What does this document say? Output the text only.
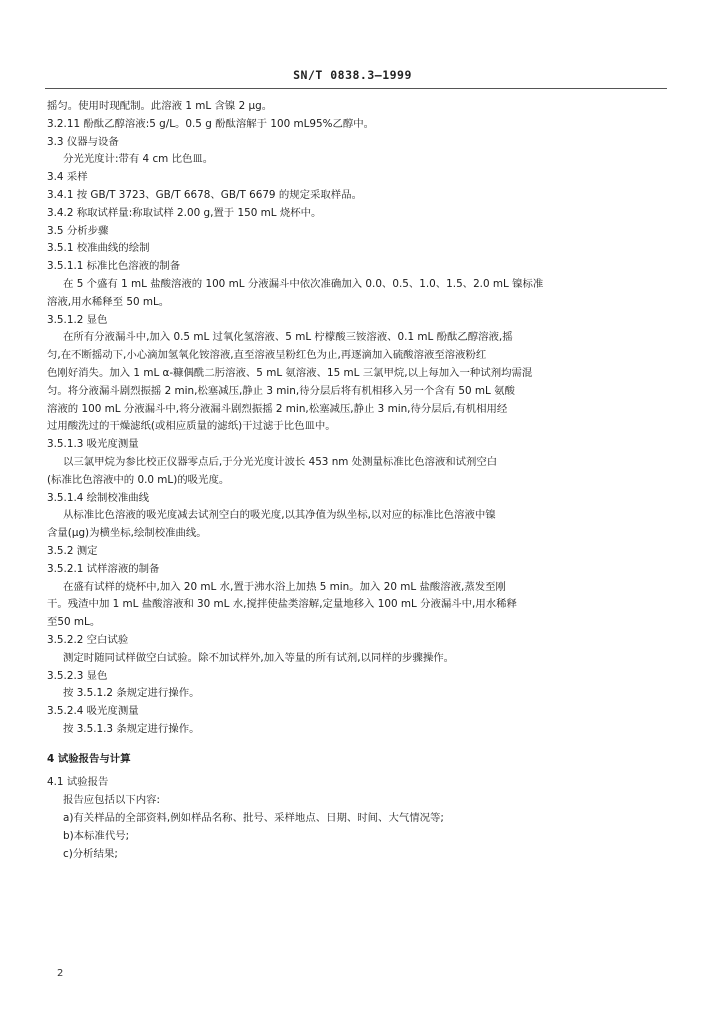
SN/T 0838.3—1999
摇匀。使用时现配制。此溶液 1 mL 含镍 2 μg。
3.2.11 酚酞乙醇溶液:5 g/L。0.5 g 酚酞溶解于 100 mL95%乙醇中。
3.3 仪器与设备
分光光度计:带有 4 cm 比色皿。
3.4 采样
3.4.1 按 GB/T 3723、GB/T 6678、GB/T 6679 的规定采取样品。
3.4.2 称取试样量:称取试样 2.00 g,置于 150 mL 烧杯中。
3.5 分析步骤
3.5.1 校准曲线的绘制
3.5.1.1 标准比色溶液的制备
在 5 个盛有 1 mL 盐酸溶液的 100 mL 分液漏斗中依次准确加入 0.0、0.5、1.0、1.5、2.0 mL 镍标准
溶液,用水稀释至 50 mL。
3.5.1.2 显色
在所有分液漏斗中,加入 0.5 mL 过氧化氢溶液、5 mL 柠檬酸三铵溶液、0.1 mL 酚酞乙醇溶液,摇
匀,在不断摇动下,小心滴加氢氧化铵溶液,直至溶液呈粉红色为止,再逐滴加入硫酸溶液至溶液粉红
色刚好消失。加入 1 mL α-糠偶酰二肟溶液、5 mL 氨溶液、15 mL 三氯甲烷,以上每加入一种试剂均需混
匀。将分液漏斗剧烈振摇 2 min,松塞减压,静止 3 min,待分层后将有机相移入另一个含有 50 mL 氨酸
溶液的 100 mL 分液漏斗中,将分液漏斗剧烈振摇 2 min,松塞减压,静止 3 min,待分层后,有机相用经
过用酸洗过的干燥滤纸(或相应质量的滤纸)干过滤于比色皿中。
3.5.1.3 吸光度测量
以三氯甲烷为参比校正仪器零点后,于分光光度计波长 453 nm 处测量标准比色溶液和试剂空白
(标准比色溶液中的 0.0 mL)的吸光度。
3.5.1.4 绘制校准曲线
从标准比色溶液的吸光度减去试剂空白的吸光度,以其净值为纵坐标,以对应的标准比色溶液中镍
含量(μg)为横坐标,绘制校准曲线。
3.5.2 测定
3.5.2.1 试样溶液的制备
在盛有试样的烧杯中,加入 20 mL 水,置于沸水浴上加热 5 min。加入 20 mL 盐酸溶液,蒸发至刚
干。残渣中加 1 mL 盐酸溶液和 30 mL 水,搅拌使盐类溶解,定量地移入 100 mL 分液漏斗中,用水稀释
至50 mL。
3.5.2.2 空白试验
测定时随同试样做空白试验。除不加试样外,加入等量的所有试剂,以同样的步骤操作。
3.5.2.3 显色
按 3.5.1.2 条规定进行操作。
3.5.2.4 吸光度测量
按 3.5.1.3 条规定进行操作。
4 试验报告与计算
4.1 试验报告
报告应包括以下内容:
a)有关样品的全部资料,例如样品名称、批号、采样地点、日期、时间、大气情况等;
b)本标准代号;
c)分析结果;
2
